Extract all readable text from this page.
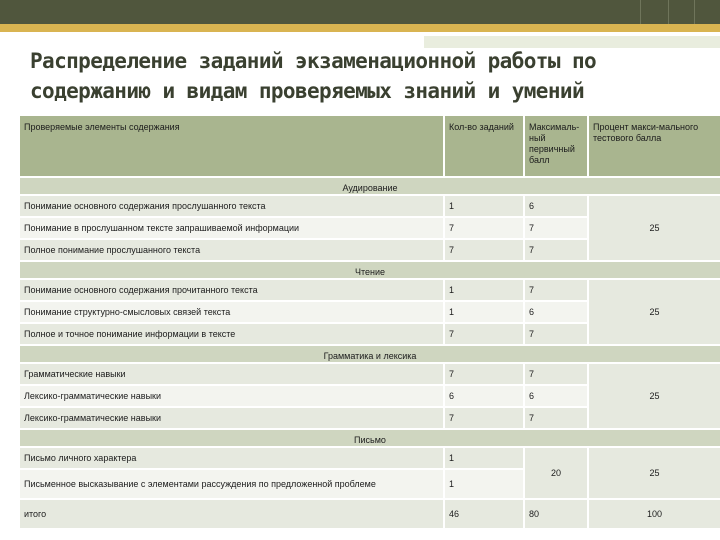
Распределение заданий экзаменационной работы по
содержанию и видам проверяемых знаний и умений
Проверяемые элементы содержания	Кол-во заданий	Максималь-ный первичный балл	Процент макси-мального тестового балла
Аудирование			
Понимание основного содержания прослушанного текста	1	6	25
Понимание в прослушанном тексте запрашиваемой информации	7	7	
Полное понимание прослушанного текста	7	7	
Чтение			
Понимание основного содержания прочитанного текста	1	7	25
Понимание структурно-смысловых связей текста	1	6	
Полное и точное понимание информации в тексте	7	7	
Грамматика и лексика			
Грамматические навыки	7	7	25
Лексико-грамматические навыки	6	6	
Лексико-грамматические навыки	7	7	
Письмо			
Письмо личного характера	1	20	25
Письменное высказывание с элементами рассуждения по предложенной проблеме	1		
итого	46	80	100
